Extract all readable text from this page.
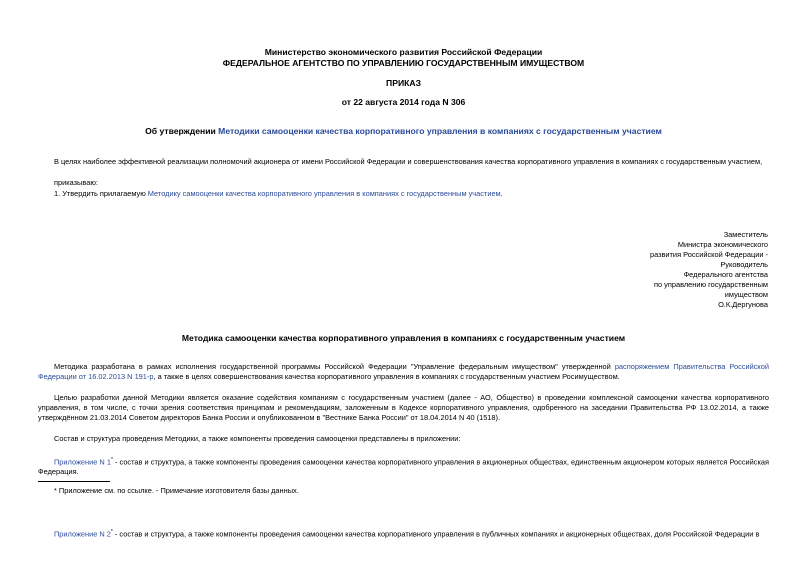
Министерство экономического развития Российской Федерации
ФЕДЕРАЛЬНОЕ АГЕНТСТВО ПО УПРАВЛЕНИЮ ГОСУДАРСТВЕННЫМ ИМУЩЕСТВОМ
ПРИКАЗ
от 22 августа 2014 года N 306
Об утверждении Методики самооценки качества корпоративного управления в компаниях с государственным участием
В целях наиболее эффективной реализации полномочий акционера от имени Российской Федерации и совершенствования качества корпоративного управления в компаниях с государственным участием,
приказываю:
1. Утвердить прилагаемую Методику самооценки качества корпоративного управления в компаниях с государственным участием.
Заместитель
Министра экономического
развития Российской Федерации -
Руководитель
Федерального агентства
по управлению государственным
имуществом
О.К.Дергунова
Методика самооценки качества корпоративного управления в компаниях с государственным участием
Методика разработана в рамках исполнения государственной программы Российской Федерации "Управление федеральным имуществом" утвержденной распоряжением Правительства Российской Федерации от 16.02.2013 N 191-р, а также в целях совершенствования качества корпоративного управления в компаниях с государственным участием Росимуществом.
Целью разработки данной Методики является оказание содействия компаниям с государственным участием (далее - АО, Общество) в проведении комплексной самооценки качества корпоративного управления, в том числе, с точки зрения соответствия принципам и рекомендациям, заложенным в Кодексе корпоративного управления, одобренного на заседании Правительства РФ 13.02.2014, а также утверждённом 21.03.2014 Советом директоров Банка России и опубликованном в "Вестнике Банка России" от 18.04.2014 N 40 (1518).
Состав и структура проведения Методики, а также компоненты проведения самооценки представлены в приложении:
Приложение N 1* - состав и структура, а также компоненты проведения самооценки качества корпоративного управления в акционерных обществах, единственным акционером которых является Российская Федерация.
* Приложение см. по ссылке. - Примечание изготовителя базы данных.
Приложение N 2* - состав и структура, а также компоненты проведения самооценки качества корпоративного управления в публичных компаниях и акционерных обществах, доля Российской Федерации в
